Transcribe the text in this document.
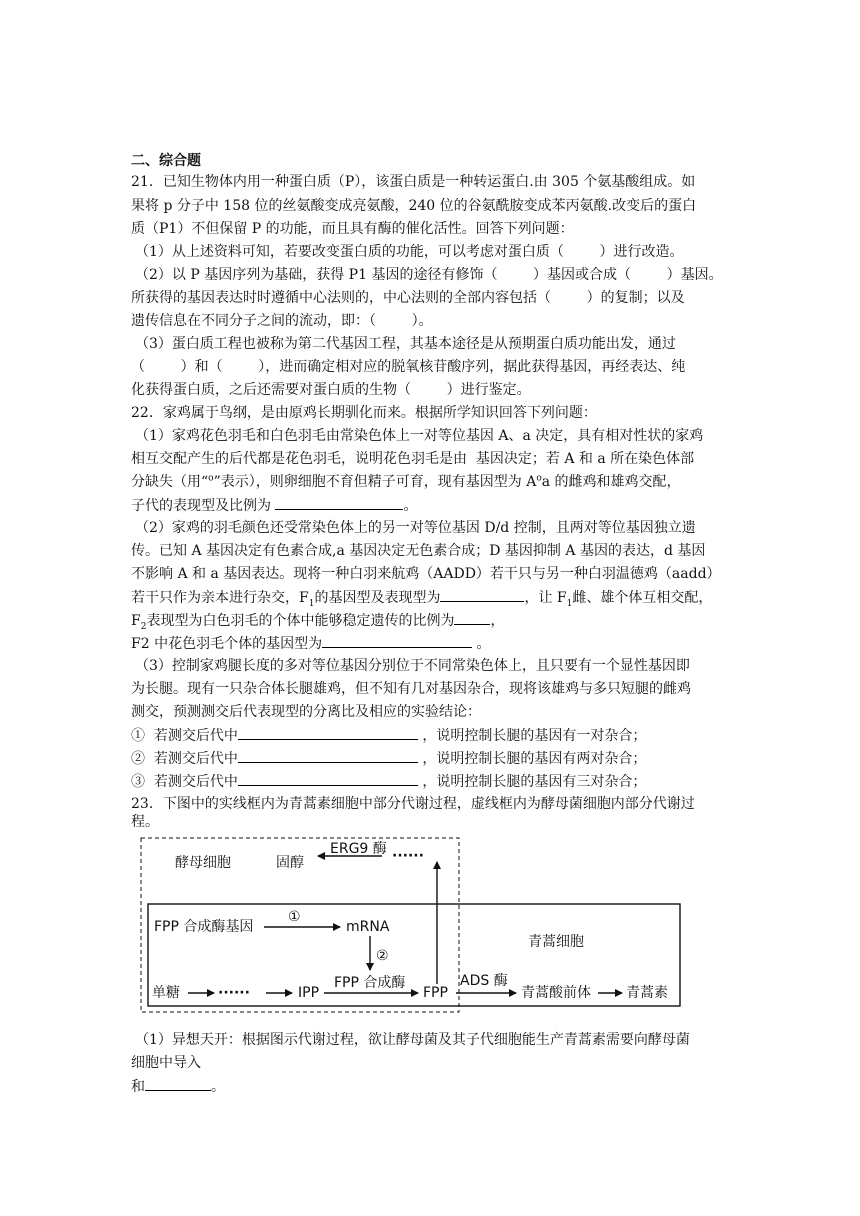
二、综合题
21．已知生物体内用一种蛋白质（P），该蛋白质是一种转运蛋白.由 305 个氨基酸组成。如
果将 p 分子中 158 位的丝氨酸变成亮氨酸，240 位的谷氨酰胺变成苯丙氨酸.改变后的蛋白
质（P1）不但保留 P 的功能，而且具有酶的催化活性。回答下列问题：
（1）从上述资料可知，若要改变蛋白质的功能，可以考虑对蛋白质（        ）进行改造。
（2）以 P 基因序列为基础，获得 P1 基因的途径有修饰（        ）基因或合成（        ）基因。
所获得的基因表达时时遵循中心法则的，中心法则的全部内容包括（        ）的复制；以及
遗传信息在不同分子之间的流动，即：（        ）。
（3）蛋白质工程也被称为第二代基因工程，其基本途径是从预期蛋白质功能出发，通过
（        ）和（        ），进而确定相对应的脱氧核苷酸序列，据此获得基因，再经表达、纯
化获得蛋白质，之后还需要对蛋白质的生物（        ）进行鉴定。
22．家鸡属于鸟纲，是由原鸡长期驯化而来。根据所学知识回答下列问题：
（1）家鸡花色羽毛和白色羽毛由常染色体上一对等位基因 A、a 决定，具有相对性状的家鸡
相互交配产生的后代都是花色羽毛，说明花色羽毛是由  基因决定；若 A 和 a 所在染色体部
分缺失（用“$^o$”表示），则卵细胞不育但精子可育，现有基因型为 $A^oa$ 的雌鸡和雄鸡交配，
子代的表现型及比例为	。
（2）家鸡的羽毛颜色还受常染色体上的另一对等位基因 D/d 控制，且两对等位基因独立遗
传。已知 A 基因决定有色素合成,a 基因决定无色素合成；D 基因抑制 A 基因的表达，d 基因
不影响 A 和 a 基因表达。现将一种白羽来航鸡（AADD）若干只与另一种白羽温德鸡（aadd）
若干只作为亲本进行杂交，$F_1$的基因型及表现型为	，让 $F_1$雌、雄个体互相交配，
$F_2$表现型为白色羽毛的个体中能够稳定遗传的比例为	，
F2 中花色羽毛个体的基因型为	。
（3）控制家鸡腿长度的多对等位基因分别位于不同常染色体上，且只要有一个显性基因即
为长腿。现有一只杂合体长腿雄鸡，但不知有几对基因杂合，现将该雄鸡与多只短腿的雌鸡
测交，预测测交后代表现型的分离比及相应的实验结论：
①  若测交后代中	，说明控制长腿的基因有一对杂合；
②  若测交后代中	，说明控制长腿的基因有两对杂合；
③  若测交后代中	，说明控制长腿的基因有三对杂合；
23．下图中的实线框内为青蒿素细胞中部分代谢过程，虚线框内为酵母菌细胞内部分代谢过
程。
酵母细胞	固醇
ERG9 酶 ······
FPP 合成酶基因
①
mRNA
②
青蒿细胞
单糖	······	IPP
FPP 合成酶
FPP
ADS 酶
青蒿酸前体	青蒿素
（1）异想天开：根据图示代谢过程，欲让酵母菌及其子代细胞能生产青蒿素需要向酵母菌
细胞中导入
和	。
